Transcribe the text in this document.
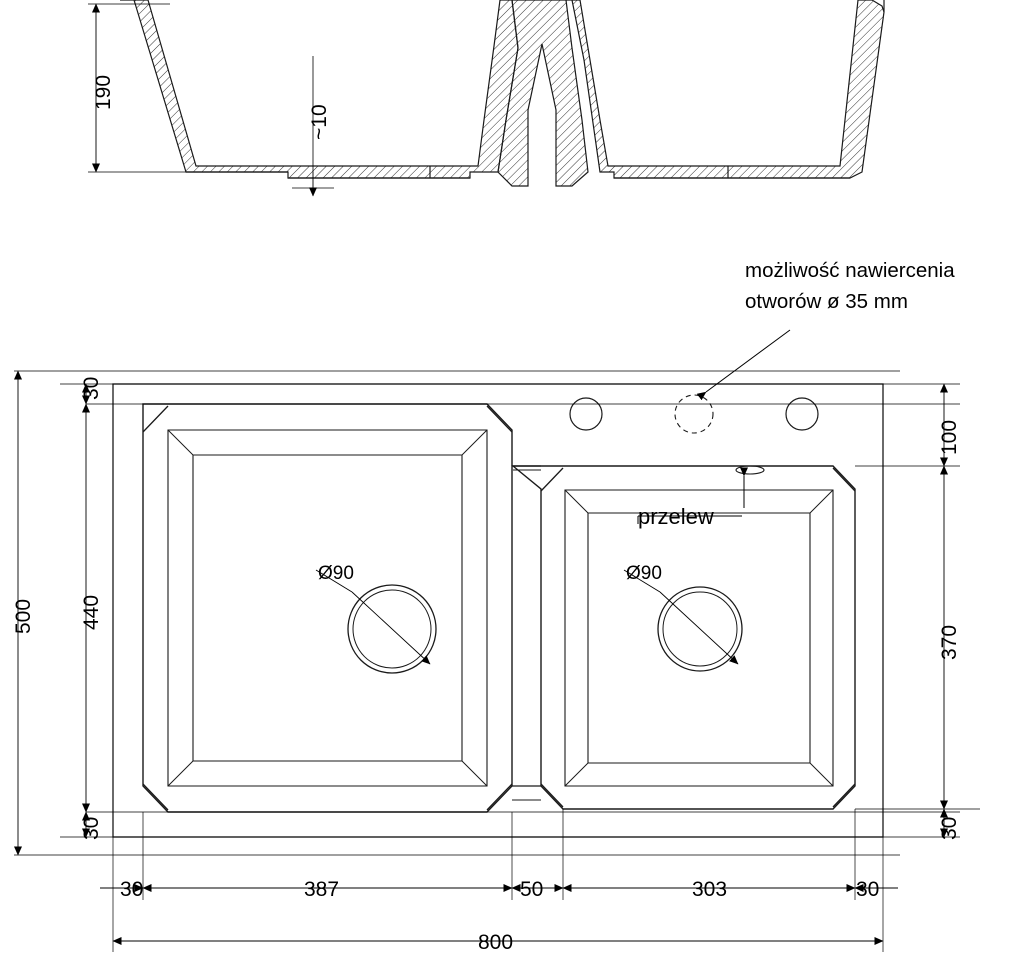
190
~10
możliwość nawiercenia
otworów ø 35 mm
przelew
Ø90	Ø90
30
440
30
500
100
370
30
30	387	50	303	30
800
